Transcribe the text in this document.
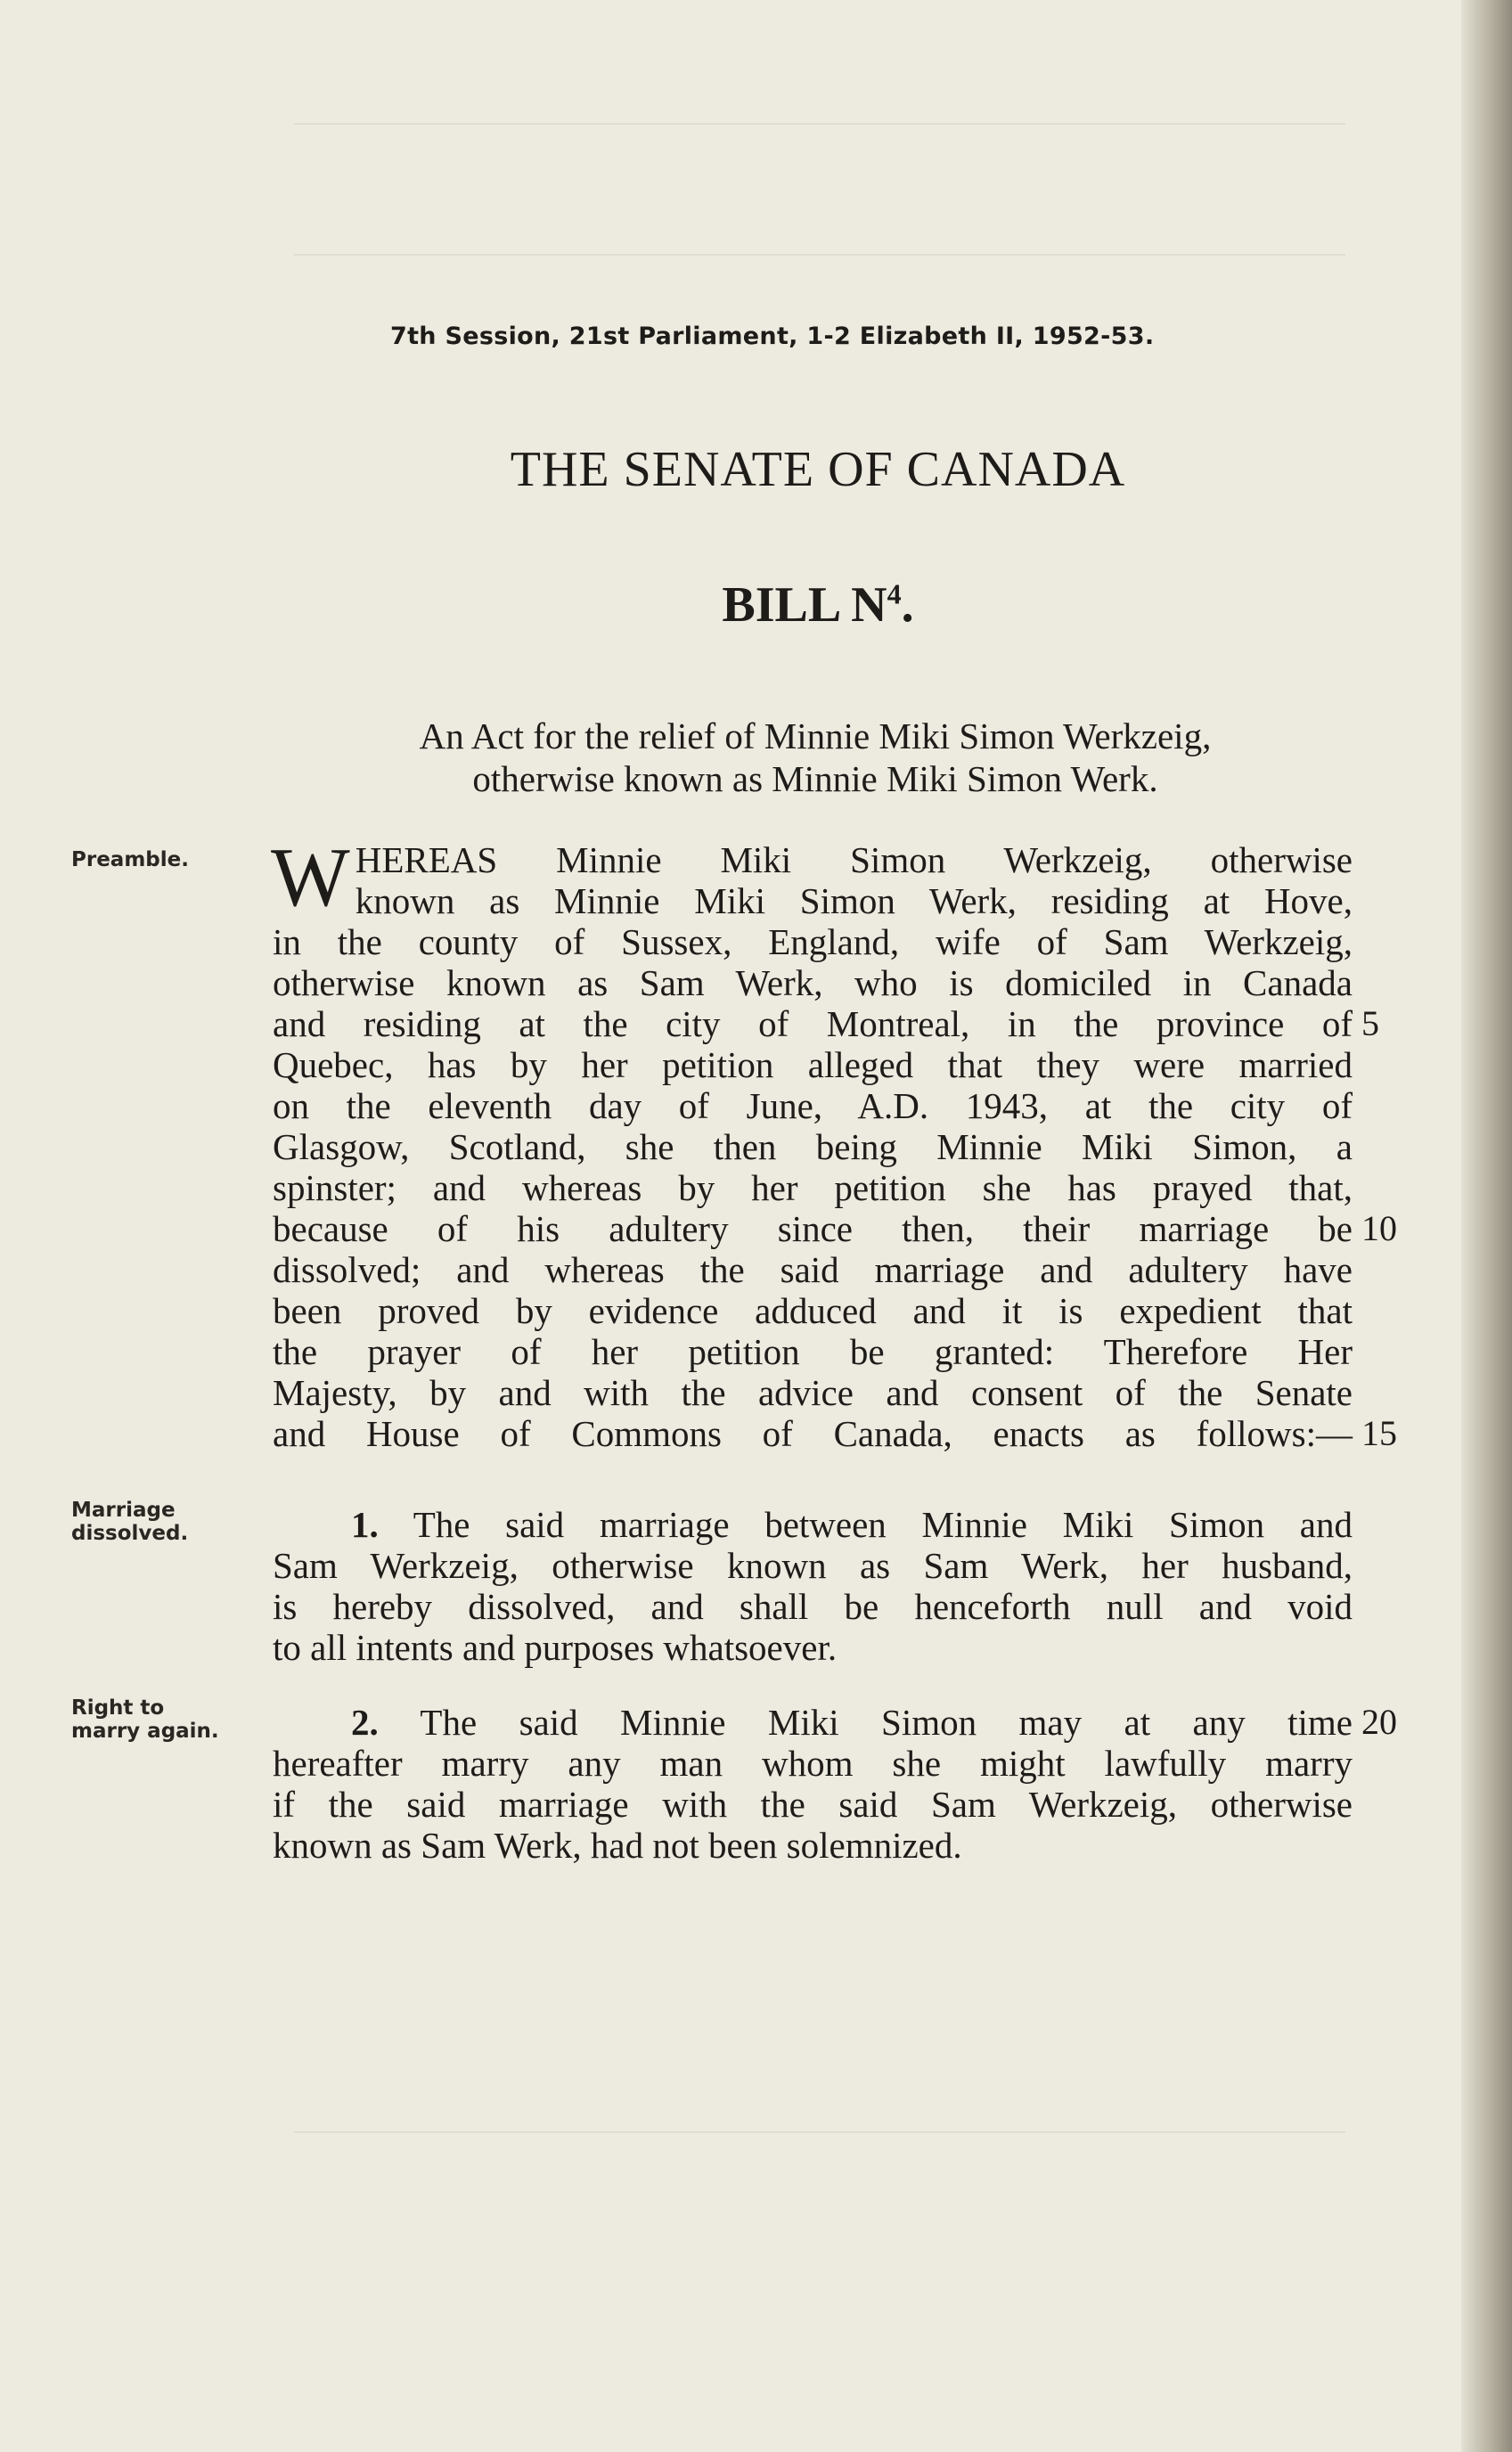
7th Session, 21st Parliament, 1-2 Elizabeth II, 1952-53.
THE SENATE OF CANADA
BILL $N^4$.
An Act for the relief of Minnie Miki Simon Werkzeig,
otherwise known as Minnie Miki Simon Werk.
Preamble. W HEREAS Minnie Miki Simon Werkzeig, otherwise
known as Minnie Miki Simon Werk, residing at Hove,
in the county of Sussex, England, wife of Sam Werkzeig,
otherwise known as Sam Werk, who is domiciled in Canada
and residing at the city of Montreal, in the province of
Quebec, has by her petition alleged that they were married
on the eleventh day of June, A.D. 1943, at the city of
Glasgow, Scotland, she then being Minnie Miki Simon, a
spinster; and whereas by her petition she has prayed that,
because of his adultery since then, their marriage be
dissolved; and whereas the said marriage and adultery have
been proved by evidence adduced and it is expedient that
the prayer of her petition be granted: Therefore Her
Majesty, by and with the advice and consent of the Senate
and House of Commons of Canada, enacts as follows:—
Marriage
dissolved.	1. The said marriage between Minnie Miki Simon and
Sam Werkzeig, otherwise known as Sam Werk, her husband,
is hereby dissolved, and shall be henceforth null and void
to all intents and purposes whatsoever.
Right to
marry again.	2. The said Minnie Miki Simon may at any time
hereafter marry any man whom she might lawfully marry
if the said marriage with the said Sam Werkzeig, otherwise
known as Sam Werk, had not been solemnized.
5
10
15
20
